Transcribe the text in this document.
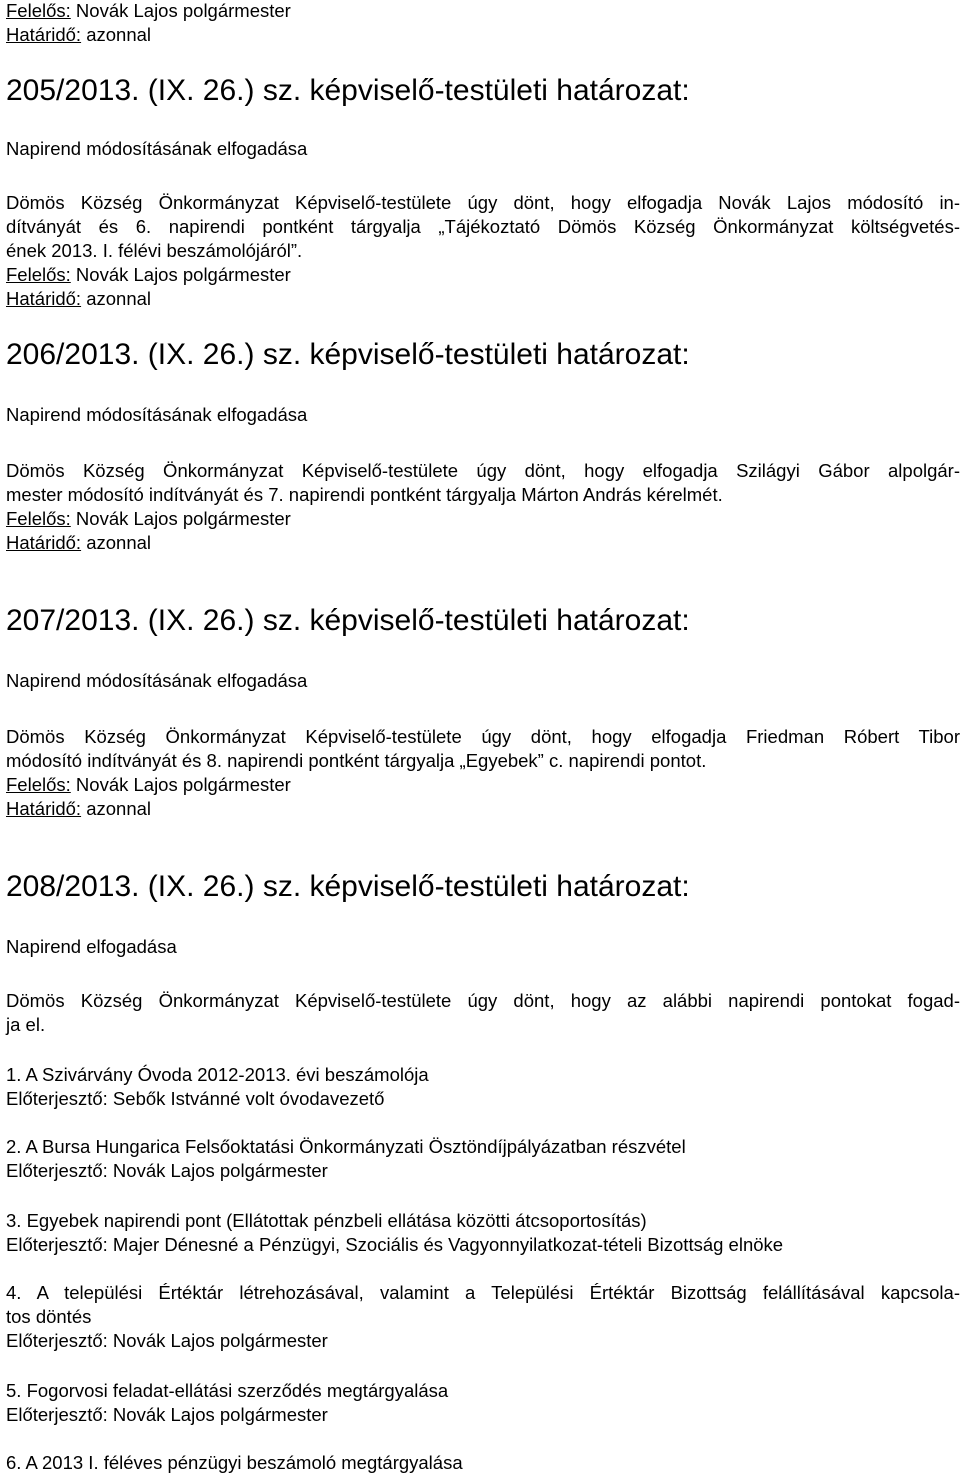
Felelős: Novák Lajos polgármester
Határidő: azonnal
205/2013. (IX. 26.) sz. képviselő-testületi határozat:
Napirend módosításának elfogadása
Dömös Község Önkormányzat Képviselő-testülete úgy dönt, hogy elfogadja Novák Lajos módosító in-
dítványát és 6. napirendi pontként tárgyalja „Tájékoztató Dömös Község Önkormányzat költségvetés-
ének 2013. I. félévi beszámolójáról”.
Felelős: Novák Lajos polgármester
Határidő: azonnal
206/2013. (IX. 26.) sz. képviselő-testületi határozat:
Napirend módosításának elfogadása
Dömös Község Önkormányzat Képviselő-testülete úgy dönt, hogy elfogadja Szilágyi Gábor alpolgár-
mester módosító indítványát és 7. napirendi pontként tárgyalja Márton András kérelmét.
Felelős: Novák Lajos polgármester
Határidő: azonnal
207/2013. (IX. 26.) sz. képviselő-testületi határozat:
Napirend módosításának elfogadása
Dömös Község Önkormányzat Képviselő-testülete úgy dönt, hogy elfogadja Friedman Róbert Tibor
módosító indítványát és 8. napirendi pontként tárgyalja „Egyebek” c. napirendi pontot.
Felelős: Novák Lajos polgármester
Határidő: azonnal
208/2013. (IX. 26.) sz. képviselő-testületi határozat:
Napirend elfogadása
Dömös Község Önkormányzat Képviselő-testülete úgy dönt, hogy az alábbi napirendi pontokat fogad-
ja el.
1. A Szivárvány Óvoda 2012-2013. évi beszámolója
Előterjesztő: Sebők Istvánné volt óvodavezető
2. A Bursa Hungarica Felsőoktatási Önkormányzati Ösztöndíjpályázatban részvétel
Előterjesztő: Novák Lajos polgármester
3. Egyebek napirendi pont (Ellátottak pénzbeli ellátása közötti átcsoportosítás)
Előterjesztő: Majer Dénesné a Pénzügyi, Szociális és Vagyonnyilatkozat-tételi Bizottság elnöke
4. A települési Értéktár létrehozásával, valamint a Települési Értéktár Bizottság felállításával kapcsola-
tos döntés
Előterjesztő: Novák Lajos polgármester
5. Fogorvosi feladat-ellátási szerződés megtárgyalása
Előterjesztő: Novák Lajos polgármester
6. A 2013 I. féléves pénzügyi beszámoló megtárgyalása
